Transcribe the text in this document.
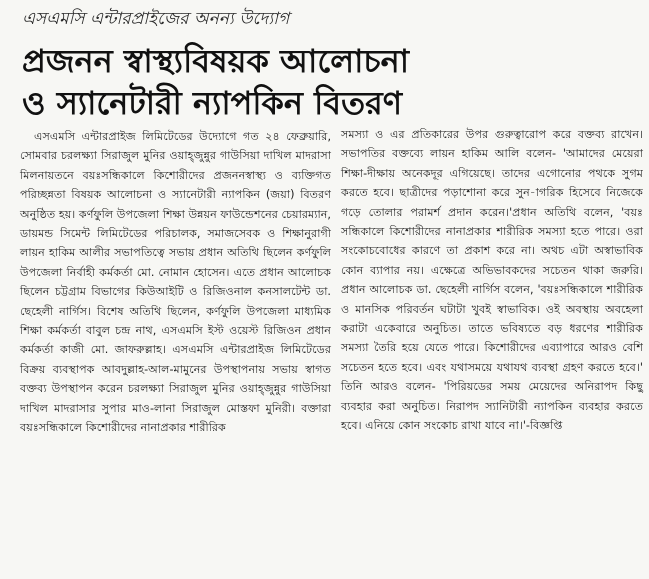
এসএমসি এন্টারপ্রাইজের অনন্য উদ্যোগ
প্রজনন স্বাস্থ্যবিষয়ক আলোচনা
ও স্যানেটারী ন্যাপকিন বিতরণ

এসএমসি এন্টারপ্রাইজ লিমিটেডের উদ্যোগে গত ২৪ ফেব্রুয়ারি, সোমবার চরলক্ষ্যা সিরাজুল মুনির ওয়াহ্জুন্নুর গাউসিয়া দাখিল মাদরাসা মিলনায়তনে বয়ঃসন্ধিকালে কিশোরীদের প্রজননস্বাস্থ্য ও ব্যক্তিগত পরিচ্ছন্নতা বিষয়ক আলোচনা ও স্যানেটারী ন্যাপকিন (জয়া) বিতরণ অনুষ্ঠিত হয়। কর্ণফুলি উপজেলা শিক্ষা উন্নয়ন ফাউন্ডেশনের চেয়ারম্যান, ডায়মন্ড সিমেন্ট লিমিটেডের পরিচালক, সমাজসেবক ও শিক্ষানুরাগী লায়ন হাকিম আলীর সভাপতিত্বে সভায় প্রধান অতিথি ছিলেন কর্ণফুলি উপজেলা নির্বাহী কর্মকর্তা মো. নোমান হোসেন। এতে প্রধান আলোচক ছিলেন চট্টগ্রাম বিভাগের কিউআইটি ও রিজিওনাল কনসালটেন্ট ডা. ছেহেলী নার্গিস। বিশেষ অতিথি ছিলেন, কর্ণফুলি উপজেলা মাধ্যমিক শিক্ষা কর্মকর্তা বাবুল চন্দ্র নাথ, এসএমসি ইস্ট ওয়েস্ট রিজিওন প্রধান কর্মকর্তা কাজী মো. জাফরুল্লাহ। এসএমসি এন্টারপ্রাইজ লিমিটেডের বিক্রয় ব্যবস্থাপক আবদুল্লাহ-আল-মামুনের উপস্থাপনায় সভায় স্বাগত বক্তব্য উপস্থাপন করেন চরলক্ষ্যা সিরাজুল মুনির ওয়াহ্জুন্নুর গাউসিয়া দাখিল মাদরাসার সুপার মাও-লানা সিরাজুল মোস্তফা মুনিরী। বক্তারা বয়ঃসন্ধিকালে কিশোরীদের নানাপ্রকার শারীরিক

সমস্যা ও এর প্রতিকারের উপর গুরুত্বারোপ করে বক্তব্য রাখেন। সভাপতির বক্তব্যে লায়ন হাকিম আলি বলেন- 'আমাদের মেয়েরা শিক্ষা-দীক্ষায় অনেকদূর এগিয়েছে। তাদের এগোনোর পথকে সুগম করতে হবে। ছাত্রীদের পড়াশোনা করে সুন-াগরিক হিসেবে নিজেকে গড়ে তোলার পরামর্শ প্রদান করেন।'প্রধান অতিথি বলেন, 'বয়ঃ সন্ধিকালে কিশোরীদের নানাপ্রকার শারীরিক সমস্যা হতে পারে। ওরা সংকোচবোধের কারণে তা প্রকাশ করে না। অথচ এটা অস্বাভাবিক কোন ব্যাপার নয়। এক্ষেত্রে অভিভাবকদের সচেতন থাকা জরুরি। প্রধান আলোচক ডা. ছেহেলী নার্গিস বলেন, 'বয়ঃসন্ধিকালে শারীরিক ও মানসিক পরিবর্তন ঘটাটা খুবই স্বাভাবিক। ওই অবস্থায় অবহেলা করাটা একেবারে অনুচিত। তাতে ভবিষ্যতে বড় ধরণের শারীরিক সমস্যা তৈরি হয়ে যেতে পারে। কিশোরীদের এব্যাপারে আরও বেশি সচেতন হতে হবে। এবং যথাসময়ে যথাযথ ব্যবস্থা গ্রহণ করতে হবে।' তিনি আরও বলেন- 'পিরিয়ডের সময় মেয়েদের অনিরাপদ কিছু ব্যবহার করা অনুচিত। নিরাপদ স্যানিটারী ন্যাপকিন ব্যবহার করতে হবে। এনিয়ে কোন সংকোচ রাখা যাবে না।'-বিজ্ঞপ্তি
